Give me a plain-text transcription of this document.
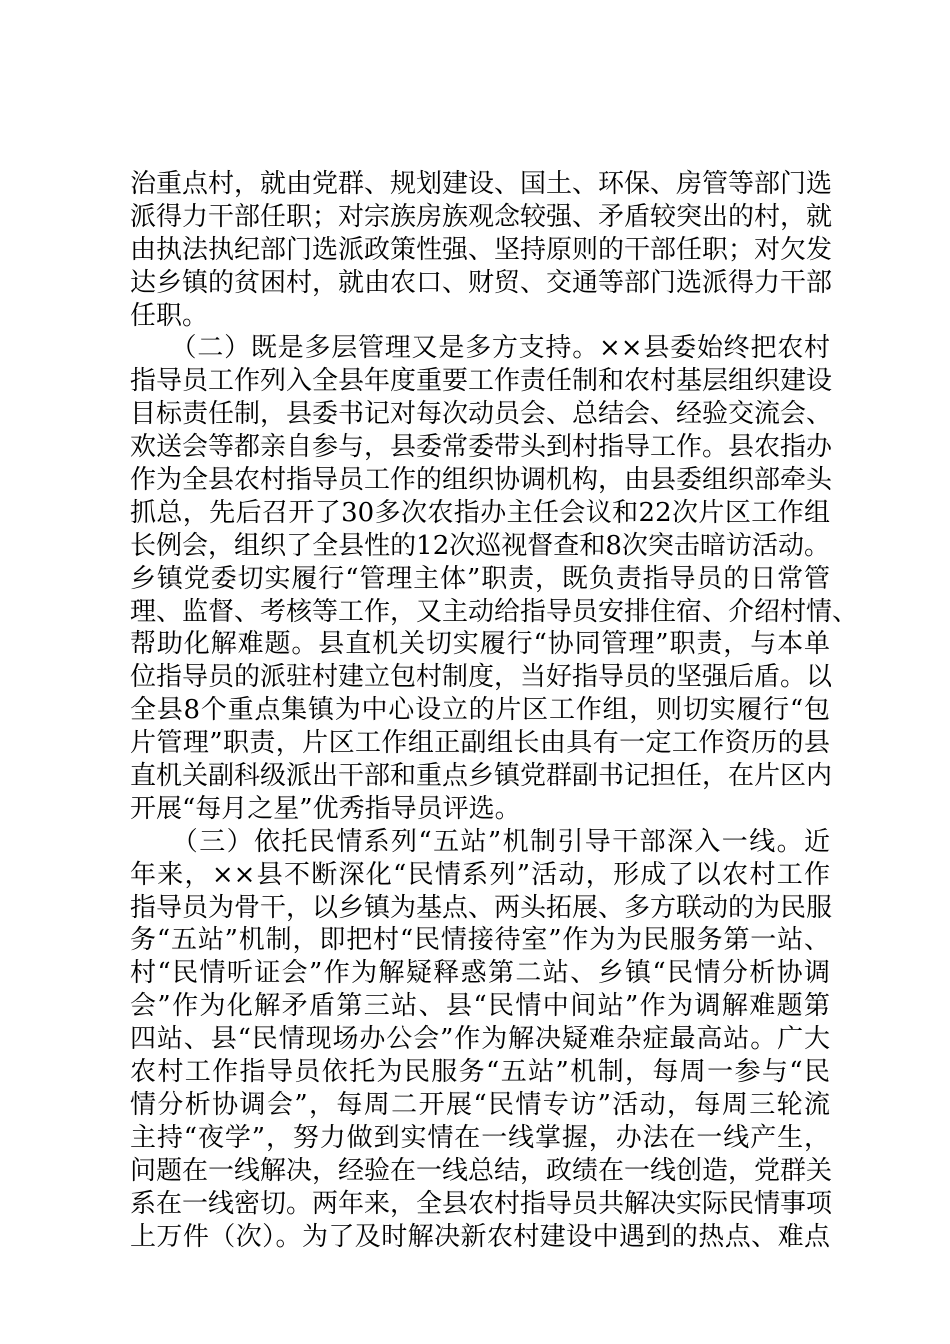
治重点村，就由党群、规划建设、国土、环保、房管等部门选
派得力干部任职；对宗族房族观念较强、矛盾较突出的村，就
由执法执纪部门选派政策性强、坚持原则的干部任职；对欠发
达乡镇的贫困村，就由农口、财贸、交通等部门选派得力干部
任职。
　　（二）既是多层管理又是多方支持。××县委始终把农村
指导员工作列入全县年度重要工作责任制和农村基层组织建设
目标责任制，县委书记对每次动员会、总结会、经验交流会、
欢送会等都亲自参与，县委常委带头到村指导工作。县农指办
作为全县农村指导员工作的组织协调机构，由县委组织部牵头
抓总，先后召开了30多次农指办主任会议和22次片区工作组
长例会，组织了全县性的12次巡视督查和8次突击暗访活动。
乡镇党委切实履行“管理主体”职责，既负责指导员的日常管
理、监督、考核等工作，又主动给指导员安排住宿、介绍村情、
帮助化解难题。县直机关切实履行“协同管理”职责，与本单
位指导员的派驻村建立包村制度，当好指导员的坚强后盾。以
全县8个重点集镇为中心设立的片区工作组，则切实履行“包
片管理”职责，片区工作组正副组长由具有一定工作资历的县
直机关副科级派出干部和重点乡镇党群副书记担任，在片区内
开展“每月之星”优秀指导员评选。
　　（三）依托民情系列“五站”机制引导干部深入一线。近
年来，××县不断深化“民情系列”活动，形成了以农村工作
指导员为骨干，以乡镇为基点、两头拓展、多方联动的为民服
务“五站”机制，即把村“民情接待室”作为为民服务第一站、
村“民情听证会”作为解疑释惑第二站、乡镇“民情分析协调
会”作为化解矛盾第三站、县“民情中间站”作为调解难题第
四站、县“民情现场办公会”作为解决疑难杂症最高站。广大
农村工作指导员依托为民服务“五站”机制，每周一参与“民
情分析协调会”，每周二开展“民情专访”活动，每周三轮流
主持“夜学”，努力做到实情在一线掌握，办法在一线产生，
问题在一线解决，经验在一线总结，政绩在一线创造，党群关
系在一线密切。两年来，全县农村指导员共解决实际民情事项
上万件（次）。为了及时解决新农村建设中遇到的热点、难点
